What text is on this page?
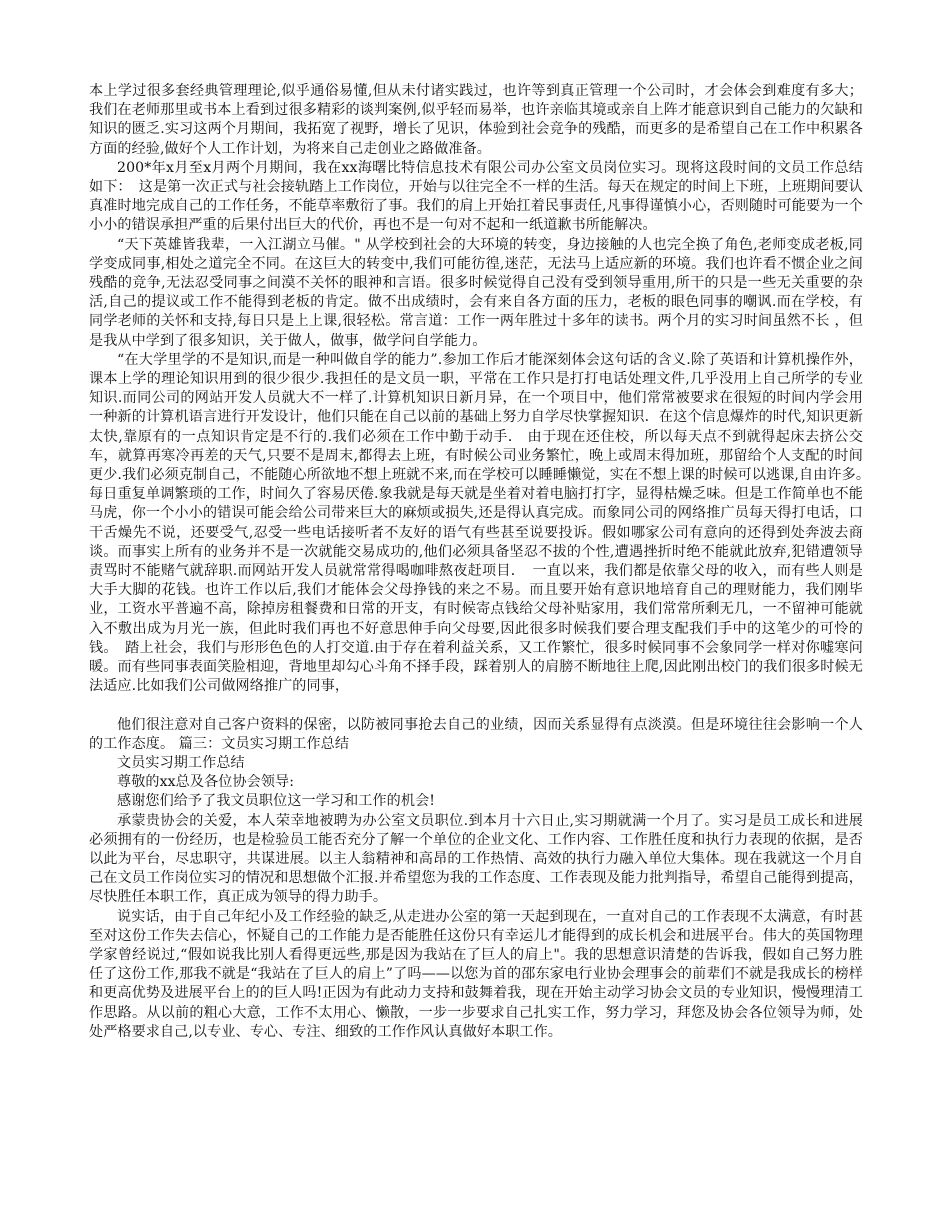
本上学过很多套经典管理理论,似乎通俗易懂,但从未付诸实践过，也许等到真正管理一个公司时，才会体会到难度有多大；我们在老师那里或书本上看到过很多精彩的谈判案例,似乎轻而易举，也许亲临其境或亲自上阵才能意识到自己能力的欠缺和知识的匮乏.实习这两个月期间，我拓宽了视野，增长了见识，体验到社会竞争的残酷，而更多的是希望自己在工作中积累各方面的经验,做好个人工作计划，为将来自己走创业之路做准备。

200*年x月至x月两个月期间，我在xx海曙比特信息技术有限公司办公室文员岗位实习。现将这段时间的文员工作总结如下：　这是第一次正式与社会接轨踏上工作岗位，开始与以往完全不一样的生活。每天在规定的时间上下班，上班期间要认真准时地完成自己的工作任务，不能草率敷衍了事。我们的肩上开始扛着民事责任,凡事得谨慎小心，否则随时可能要为一个小小的错误承担严重的后果付出巨大的代价，再也不是一句对不起和一纸道歉书所能解决。

“天下英雄皆我辈，一入江湖立马催。" 从学校到社会的大环境的转变，身边接触的人也完全换了角色,老师变成老板,同学变成同事,相处之道完全不同。在这巨大的转变中,我们可能彷徨,迷茫，无法马上适应新的环境。我们也许看不惯企业之间残酷的竞争,无法忍受同事之间漠不关怀的眼神和言语。很多时候觉得自己没有受到领导重用,所干的只是一些无关重要的杂活,自己的提议或工作不能得到老板的肯定。做不出成绩时，会有来自各方面的压力，老板的眼色同事的嘲讽.而在学校，有同学老师的关怀和支持,每日只是上上课,很轻松。常言道：工作一两年胜过十多年的读书。两个月的实习时间虽然不长 ，但是我从中学到了很多知识，关于做人，做事，做学问自学能力。

“在大学里学的不是知识,而是一种叫做自学的能力”.参加工作后才能深刻体会这句话的含义.除了英语和计算机操作外，课本上学的理论知识用到的很少很少.我担任的是文员一职，平常在工作只是打打电话处理文件,几乎没用上自己所学的专业知识.而同公司的网站开发人员就大不一样了.计算机知识日新月异，在一个项目中，他们常常被要求在很短的时间内学会用一种新的计算机语言进行开发设计，他们只能在自己以前的基础上努力自学尽快掌握知识．在这个信息爆炸的时代,知识更新太快,靠原有的一点知识肯定是不行的.我们必须在工作中勤于动手． 由于现在还住校，所以每天点不到就得起床去挤公交车，就算再寒冷再差的天气,只要不是周末,都得去上班，有时候公司业务繁忙，晚上或周末得加班，那留给个人支配的时间更少.我们必须克制自己，不能随心所欲地不想上班就不来,而在学校可以睡睡懒觉，实在不想上课的时候可以逃课,自由许多。　每日重复单调繁琐的工作，时间久了容易厌倦.象我就是每天就是坐着对着电脑打打字，显得枯燥乏味。但是工作简单也不能马虎，你一个小小的错误可能会给公司带来巨大的麻烦或损失,还是得认真完成。而象同公司的网络推广员每天得打电话，口干舌燥先不说，还要受气,忍受一些电话接听者不友好的语气有些甚至说要投诉。假如哪家公司有意向的还得到处奔波去商谈。而事实上所有的业务并不是一次就能交易成功的,他们必须具备坚忍不拔的个性,遭遇挫折时绝不能就此放弃,犯错遭领导责骂时不能赌气就辞职.而网站开发人员就常常得喝咖啡熬夜赶项目．　一直以来，我们都是依靠父母的收入，而有些人则是大手大脚的花钱。也许工作以后,我们才能体会父母挣钱的来之不易。而且要开始有意识地培育自己的理财能力，我们刚毕业，工资水平普遍不高，除掉房租餐费和日常的开支，有时候寄点钱给父母补贴家用，我们常常所剩无几，一不留神可能就入不敷出成为月光一族，但此时我们再也不好意思伸手向父母要,因此很多时候我们要合理支配我们手中的这笔少的可怜的钱。　踏上社会，我们与形形色色的人打交道.由于存在着利益关系，又工作繁忙，很多时候同事不会象同学一样对你嘘寒问暖。而有些同事表面笑脸相迎，背地里却勾心斗角不择手段，踩着别人的肩膀不断地往上爬,因此刚出校门的我们很多时候无法适应.比如我们公司做网络推广的同事，

他们很注意对自己客户资料的保密，以防被同事抢去自己的业绩，因而关系显得有点淡漠。但是环境往往会影响一个人的工作态度。 篇三：文员实习期工作总结

文员实习期工作总结

尊敬的xx总及各位协会领导:

感谢您们给予了我文员职位这一学习和工作的机会!

承蒙贵协会的关爱，本人荣幸地被聘为办公室文员职位.到本月十六日止,实习期就满一个月了。实习是员工成长和进展必须拥有的一份经历，也是检验员工能否充分了解一个单位的企业文化、工作内容、工作胜任度和执行力表现的依据，是否以此为平台，尽忠职守，共谋进展。以主人翁精神和高昂的工作热情、高效的执行力融入单位大集体。现在我就这一个月自己在文员工作岗位实习的情况和思想做个汇报.并希望您为我的工作态度、工作表现及能力批判指导，希望自己能得到提高，尽快胜任本职工作，真正成为领导的得力助手。

说实话，由于自己年纪小及工作经验的缺乏,从走进办公室的第一天起到现在，一直对自己的工作表现不太满意，有时甚至对这份工作失去信心，怀疑自己的工作能力是否能胜任这份只有幸运儿才能得到的成长机会和进展平台。伟大的英国物理学家曾经说过,“假如说我比别人看得更远些,那是因为我站在了巨人的肩上"。我的思想意识清楚的告诉我，假如自己努力胜任了这份工作,那我不就是“我站在了巨人的肩上”了吗——以您为首的邵东家电行业协会理事会的前辈们不就是我成长的榜样和更高优势及进展平台上的的巨人吗!正因为有此动力支持和鼓舞着我，现在开始主动学习协会文员的专业知识，慢慢理清工作思路。从以前的粗心大意，工作不太用心、懒散，一步一步要求自己扎实工作，努力学习，拜您及协会各位领导为师，处处严格要求自己,以专业、专心、专注、细致的工作作风认真做好本职工作。
